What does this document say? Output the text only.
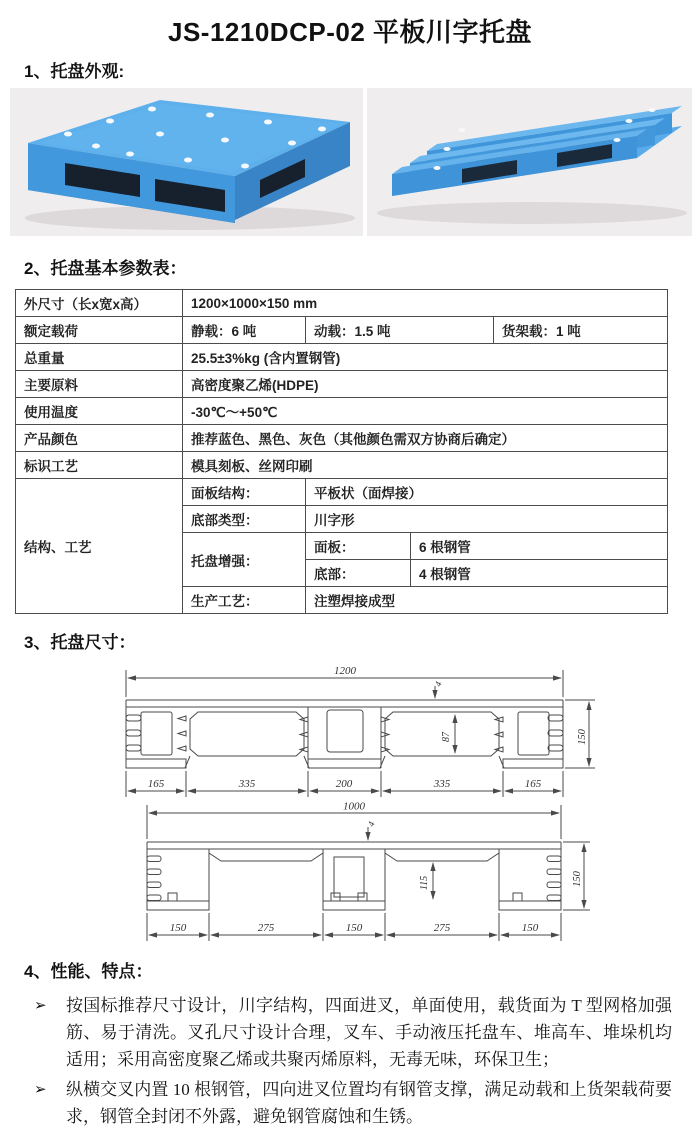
JS-1210DCP-02 平板川字托盘
1、托盘外观:
2、托盘基本参数表：
外尺寸（长x宽x高）	1200×1000×150 mm			
额定载荷	静载：6 吨	动载：1.5 吨		货架载：1 吨
总重量	25.5±3%kg (含内置钢管)			
主要原料	高密度聚乙烯(HDPE)			
使用温度	-30℃～+50℃			
产品颜色	推荐蓝色、黑色、灰色（其他颜色需双方协商后确定）			
标识工艺	模具刻板、丝网印刷			
结构、工艺	面板结构：	平板状（面焊接）		
	底部类型：	川字形		
	托盘增强：	面板：	6 根钢管	
		底部：	4 根钢管	
	生产工艺：	注塑焊接成型		
3、托盘尺寸：
1200
4
87	150
165	335	200	335	165
1000
4
115	150
150	275	150	275	150
4、性能、特点：
➢	按国标推荐尺寸设计，川字结构，四面进叉，单面使用，载货面为 T 型网格加强筋、易于清洗。叉孔尺寸设计合理，叉车、手动液压托盘车、堆高车、堆垛机均适用；采用高密度聚乙烯或共聚丙烯原料，无毒无味，环保卫生；
➢	纵横交叉内置 10 根钢管，四向进叉位置均有钢管支撑，满足动载和上货架载荷要求，钢管全封闭不外露，避免钢管腐蚀和生锈。
